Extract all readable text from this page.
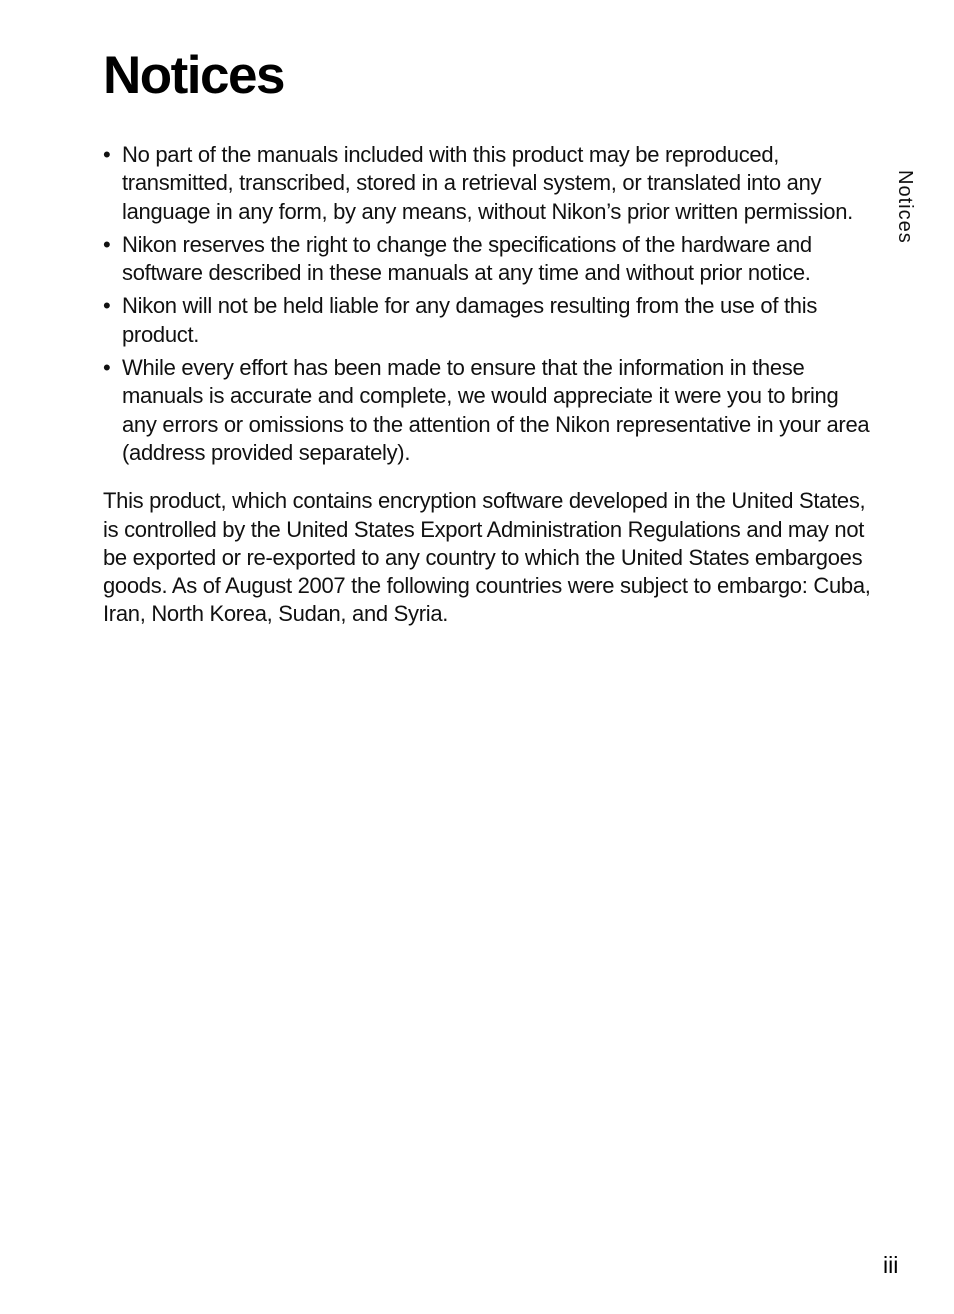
Notices
Notices
• No part of the manuals included with this product may be reproduced, transmitted, transcribed, stored in a retrieval system, or translated into any language in any form, by any means, without Nikon’s prior written permission.
• Nikon reserves the right to change the specifications of the hardware and software described in these manuals at any time and without prior notice.
• Nikon will not be held liable for any damages resulting from the use of this product.
• While every effort has been made to ensure that the information in these manuals is accurate and complete, we would appreciate it were you to bring any errors or omissions to the attention of the Nikon representative in your area (address provided separately).

This product, which contains encryption software developed in the United States, is controlled by the United States Export Administration Regulations and may not be exported or re-exported to any country to which the United States embargoes goods. As of August 2007 the following countries were subject to embargo: Cuba, Iran, North Korea, Sudan, and Syria.

iii
